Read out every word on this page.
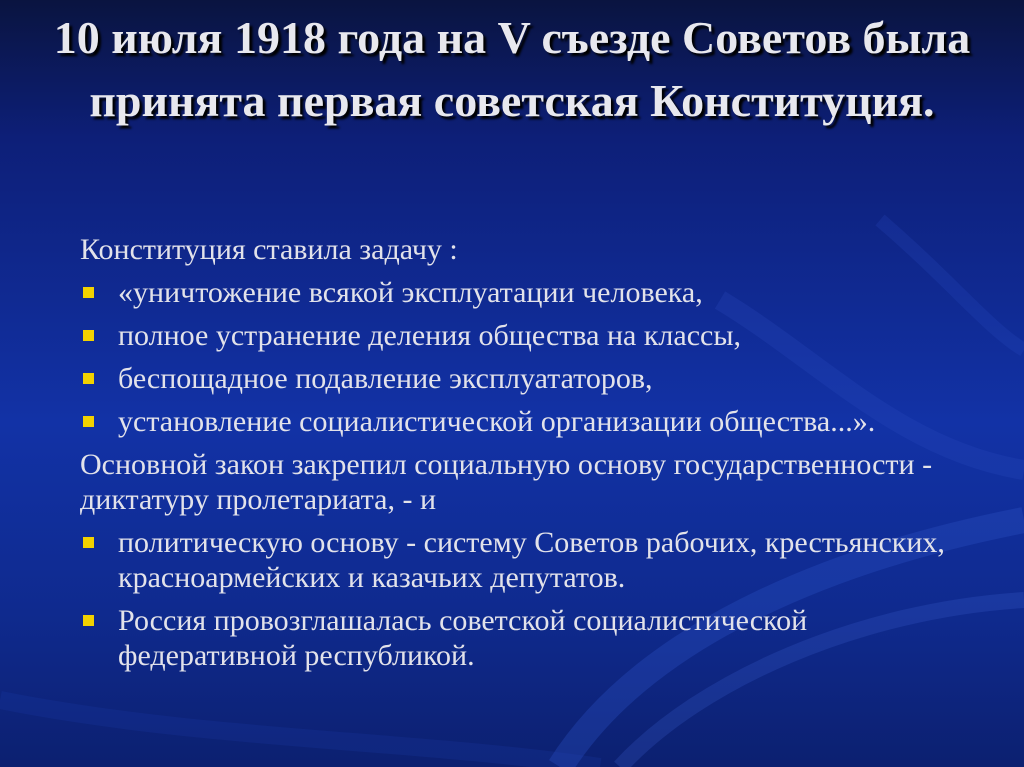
10 июля 1918 года на V съезде Советов была принята первая советская Конституция.

Конституция ставила задачу :

«уничтожение всякой эксплуатации человека,
полное устранение деления общества на классы,
беспощадное подавление эксплуататоров,
установление социалистической организации общества...».

Основной закон закрепил социальную основу государственности - диктатуру пролетариата, - и

политическую основу - систему Советов рабочих, крестьянских, красноармейских и казачьих депутатов.
Россия провозглашалась советской социалистической федеративной республикой.
